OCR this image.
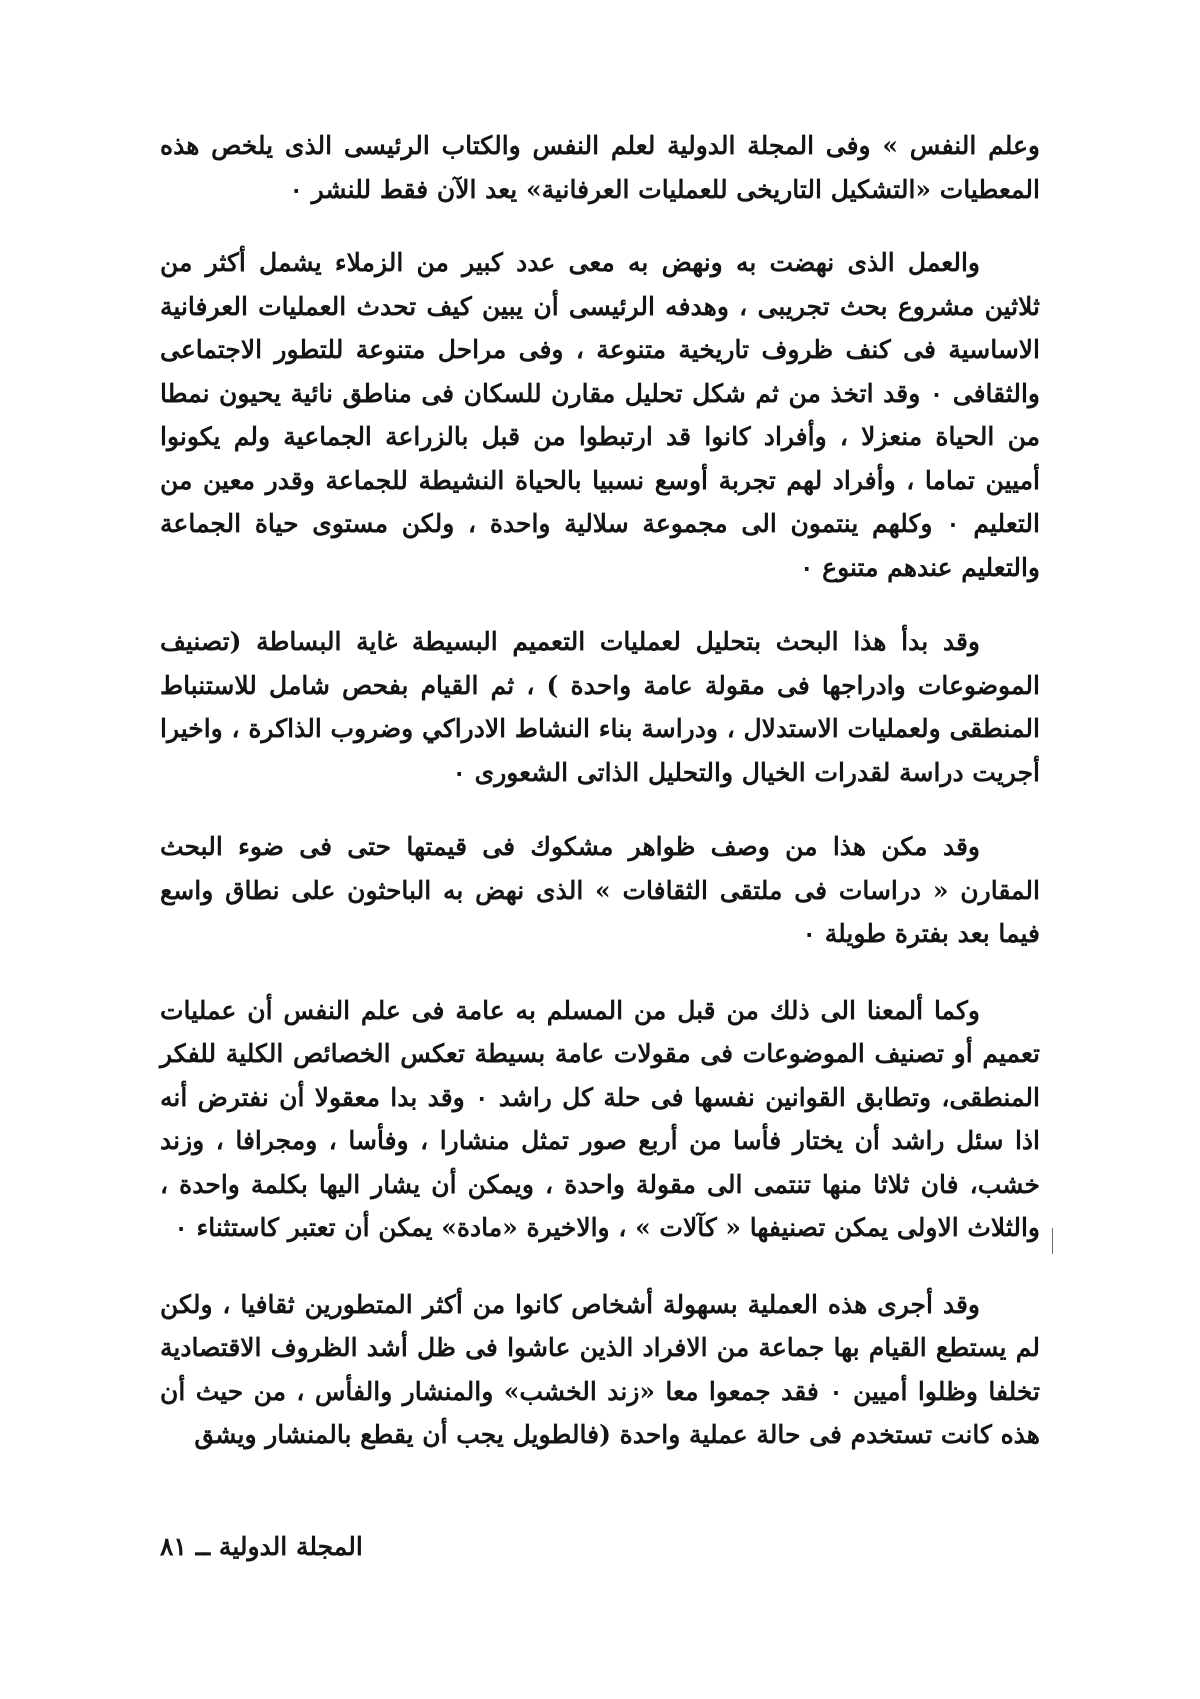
وعلم النفس » وفى المجلة الدولية لعلم النفس والكتاب الرئيسى الذى يلخص هذه المعطيات «التشكيل التاريخى للعمليات العرفانية» يعد الآن فقط للنشر ٠

والعمل الذى نهضت به ونهض به معى عدد كبير من الزملاء يشمل أكثر من ثلاثين مشروع بحث تجريبى ، وهدفه الرئيسى أن يبين كيف تحدث العمليات العرفانية الاساسية فى كنف ظروف تاريخية متنوعة ، وفى مراحل متنوعة للتطور الاجتماعى والثقافى ٠ وقد اتخذ من ثم شكل تحليل مقارن للسكان فى مناطق نائية يحيون نمطا من الحياة منعزلا ، وأفراد كانوا قد ارتبطوا من قبل بالزراعة الجماعية ولم يكونوا أميين تماما ، وأفراد لهم تجربة أوسع نسبيا بالحياة النشيطة للجماعة وقدر معين من التعليم ٠ وكلهم ينتمون الى مجموعة سلالية واحدة ، ولكن مستوى حياة الجماعة والتعليم عندهم متنوع ٠

وقد بدأ هذا البحث بتحليل لعمليات التعميم البسيطة غاية البساطة (تصنيف الموضوعات وادراجها فى مقولة عامة واحدة ) ، ثم القيام بفحص شامل للاستنباط المنطقى ولعمليات الاستدلال ، ودراسة بناء النشاط الادراكي وضروب الذاكرة ، واخيرا أجريت دراسة لقدرات الخيال والتحليل الذاتى الشعورى ٠

وقد مكن هذا من وصف ظواهر مشكوك فى قيمتها حتى فى ضوء البحث المقارن « دراسات فى ملتقى الثقافات » الذى نهض به الباحثون على نطاق واسع فيما بعد بفترة طويلة ٠

وكما ألمعنا الى ذلك من قبل من المسلم به عامة فى علم النفس أن عمليات تعميم أو تصنيف الموضوعات فى مقولات عامة بسيطة تعكس الخصائص الكلية للفكر المنطقى، وتطابق القوانين نفسها فى حلة كل راشد ٠ وقد بدا معقولا أن نفترض أنه اذا سئل راشد أن يختار فأسا من أربع صور تمثل منشارا ، وفأسا ، ومجرافا ، وزند خشب، فان ثلاثا منها تنتمى الى مقولة واحدة ، ويمكن أن يشار اليها بكلمة واحدة ، والثلاث الاولى يمكن تصنيفها « كآلات » ، والاخيرة «مادة» يمكن أن تعتبر كاستثناء ٠

وقد أجرى هذه العملية بسهولة أشخاص كانوا من أكثر المتطورين ثقافيا ، ولكن لم يستطع القيام بها جماعة من الافراد الذين عاشوا فى ظل أشد الظروف الاقتصادية تخلفا وظلوا أميين ٠ فقد جمعوا معا «زند الخشب» والمنشار والفأس ، من حيث أن هذه كانت تستخدم فى حالة عملية واحدة (فالطويل يجب أن يقطع بالمنشار ويشق

المجلة الدولية ــ ٨١
